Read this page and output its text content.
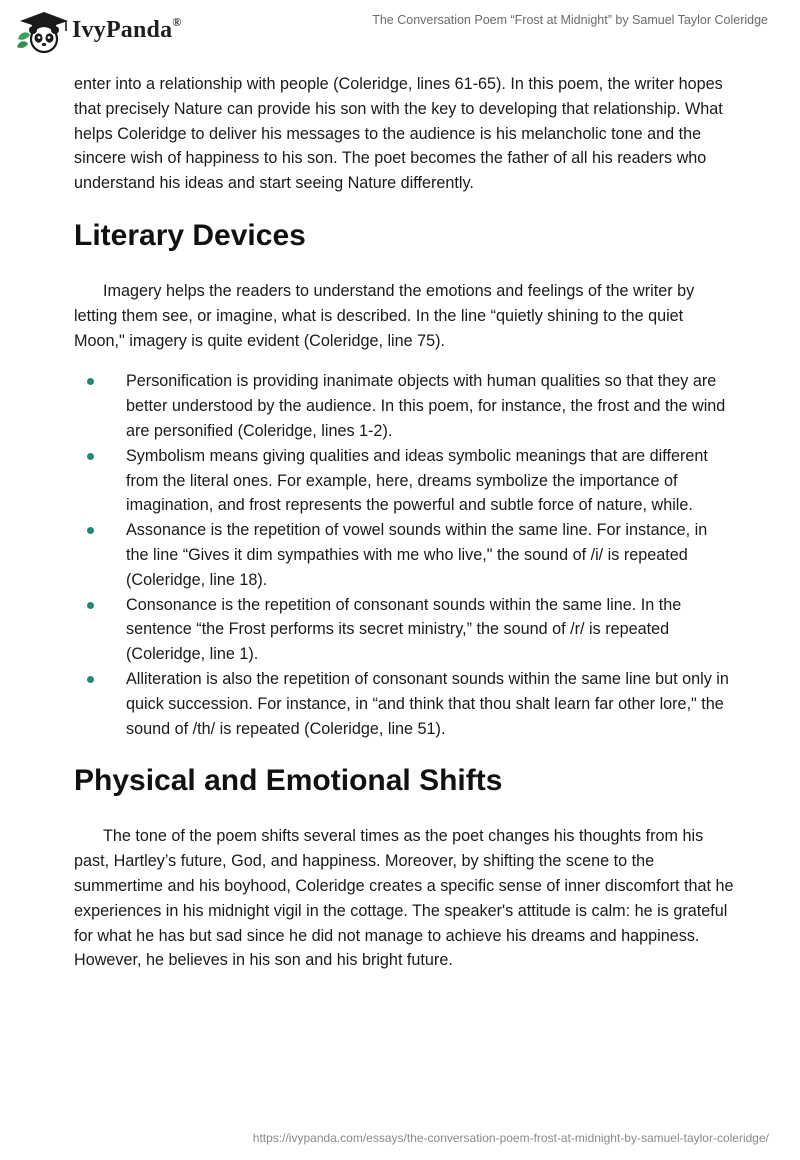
IvyPanda®	The Conversation Poem “Frost at Midnight” by Samuel Taylor Coleridge

enter into a relationship with people (Coleridge, lines 61-65). In this poem, the writer hopes that precisely Nature can provide his son with the key to developing that relationship. What helps Coleridge to deliver his messages to the audience is his melancholic tone and the sincere wish of happiness to his son. The poet becomes the father of all his readers who understand his ideas and start seeing Nature differently.

Literary Devices

Imagery helps the readers to understand the emotions and feelings of the writer by letting them see, or imagine, what is described. In the line “quietly shining to the quiet Moon," imagery is quite evident (Coleridge, line 75).

Personification is providing inanimate objects with human qualities so that they are better understood by the audience. In this poem, for instance, the frost and the wind are personified (Coleridge, lines 1-2).
Symbolism means giving qualities and ideas symbolic meanings that are different from the literal ones. For example, here, dreams symbolize the importance of imagination, and frost represents the powerful and subtle force of nature, while.
Assonance is the repetition of vowel sounds within the same line. For instance, in the line “Gives it dim sympathies with me who live," the sound of /i/ is repeated (Coleridge, line 18).
Consonance is the repetition of consonant sounds within the same line. In the sentence “the Frost performs its secret ministry,” the sound of /r/ is repeated (Coleridge, line 1).
Alliteration is also the repetition of consonant sounds within the same line but only in quick succession. For instance, in “and think that thou shalt learn far other lore," the sound of /th/ is repeated (Coleridge, line 51).
Physical and Emotional Shifts

The tone of the poem shifts several times as the poet changes his thoughts from his past, Hartley’s future, God, and happiness. Moreover, by shifting the scene to the summertime and his boyhood, Coleridge creates a specific sense of inner discomfort that he experiences in his midnight vigil in the cottage. The speaker's attitude is calm: he is grateful for what he has but sad since he did not manage to achieve his dreams and happiness. However, he believes in his son and his bright future.

https://ivypanda.com/essays/the-conversation-poem-frost-at-midnight-by-samuel-taylor-coleridge/
